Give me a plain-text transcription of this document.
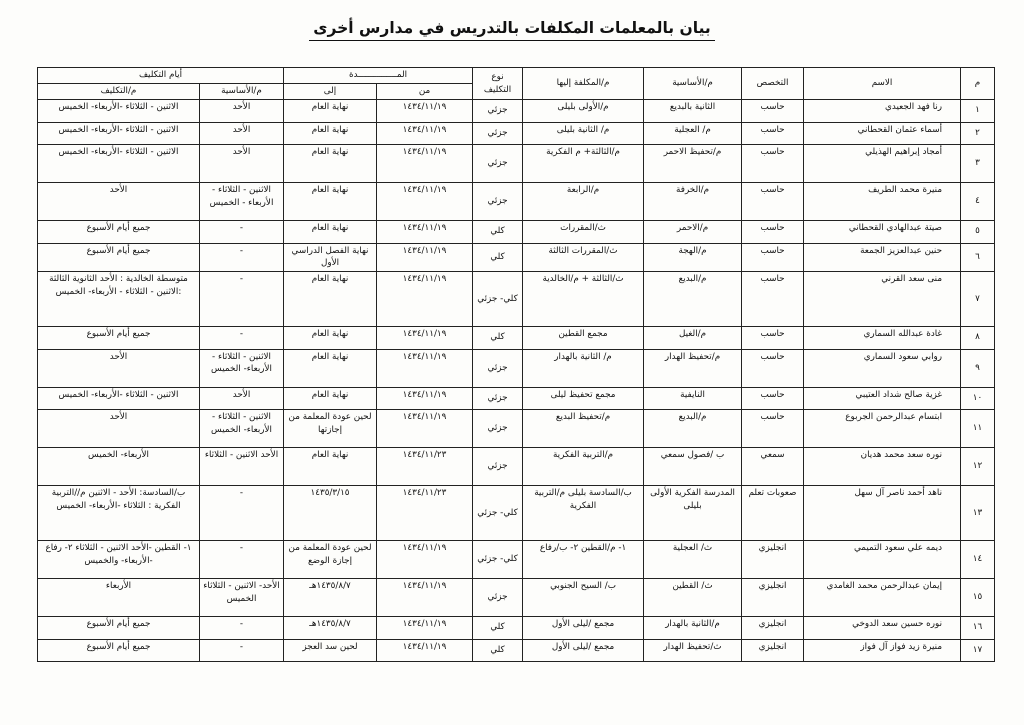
بيان بالمعلمات المكلفات بالتدريس في مدارس أخرى
م	الاسم	التخصص	م/الأساسية	م/المكلفة إليها	نوع
التكليف	المـــــــــــــــدة		أيام التكليف	
						من	إلى	م/الأساسية	م/التكليف
١	رنا فهد الجعيدي	حاسب	الثانية بالبديع	م/الأولى بليلى	جزئي	١٤٣٤/١١/١٩	نهاية العام	الأحد	الاثنين - الثلاثاء -الأربعاء- الخميس
٢	أسماء عثمان القحطاني	حاسب	م/ العجلية	م/ الثانية بليلى	جزئي	١٤٣٤/١١/١٩	نهاية العام	الأحد	الاثنين - الثلاثاء -الأربعاء- الخميس
٣	أمجاد إبراهيم الهذيلي	حاسب	م/تحفيظ الاحمر	م/الثالثة+ م الفكرية	جزئي	١٤٣٤/١١/١٩	نهاية العام	الأحد	الاثنين - الثلاثاء -الأربعاء- الخميس
٤	منيرة محمد الطريف	حاسب	م/الخرفة	م/الرابعة	جزئي	١٤٣٤/١١/١٩	نهاية العام	الاثنين - الثلاثاء - الأربعاء - الخميس	الأحد
٥	صيتة عبدالهادي القحطاني	حاسب	م/الاحمر	ث/المقررات	كلي	١٤٣٤/١١/١٩	نهاية العام	-	جميع أيام الأسبوع
٦	حنين عبدالعزيز الجمعة	حاسب	م/الهجة	ث/المقررات الثالثة	كلي	١٤٣٤/١١/١٩	نهاية الفصل الدراسي الأول	-	جميع أيام الأسبوع
٧	منى سعد القرني	حاسب	م/البديع	ث/الثالثة + م/الخالدية	كلي- جزئي	١٤٣٤/١١/١٩	نهاية العام	-	متوسطة الخالدية : الأحد الثانوية الثالثة :الاثنين - الثلاثاء - الأربعاء- الخميس
٨	غادة عبدالله السماري	حاسب	م/الغيل	مجمع القطين	كلي	١٤٣٤/١١/١٩	نهاية العام	-	جميع أيام الأسبوع
٩	روابي سعود السماري	حاسب	م/تحفيظ الهدار	م/ الثانية بالهدار	جزئي	١٤٣٤/١١/١٩	نهاية العام	الاثنين - الثلاثاء - الأربعاء- الخميس	الأحد
١٠	غزية صالح شداد العتيبي	حاسب	النايفية	مجمع تحفيظ ليلى	جزئي	١٤٣٤/١١/١٩	نهاية العام	الأحد	الاثنين - الثلاثاء -الأربعاء- الخميس
١١	ابتسام عبدالرحمن الجربوع	حاسب	م/البديع	م/تحفيظ البديع	جزئي	١٤٣٤/١١/١٩	لحين عودة المعلمة من إجازتها	الاثنين - الثلاثاء - الأربعاء- الخميس	الأحد
١٢	نوره سعد محمد هديان	سمعي	ب /فصول سمعي	م/التربية الفكرية	جزئي	١٤٣٤/١١/٢٣	نهاية العام	الأحد الاثنين - الثلاثاء	الأربعاء- الخميس
١٣	ناهد أحمد ناصر آل سهل	صعوبات تعلم	المدرسة الفكرية الأولى بليلى	ب/السادسة بليلى م/التربية الفكرية	كلي- جزئي	١٤٣٤/١١/٢٣	١٤٣٥/٣/١٥	-	ب/السادسة: الأحد - الاثنين م//التربية الفكرية : الثلاثاء -الأربعاء- الخميس
١٤	ديمه علي سعود التميمي	انجليزي	ث/ العجلية	١- م/القطين ٢- ب/رفاع	كلي- جزئي	١٤٣٤/١١/١٩	لحين عودة المعلمة من إجازة الوضع	-	١- القطين -الأحد الاثنين - الثلاثاء ٢- رفاع -الأربعاء- والخميس
١٥	إيمان عبدالرحمن محمد الغامدي	انجليزي	ث/ القطين	ب/ السيح الجنوبي	جزئي	١٤٣٤/١١/١٩	١٤٣٥/٨/٧هـ	الأحد- الاثنين - الثلاثاء الخميس	الأربعاء
١٦	نوره حسين سعد الدوخي	انجليزي	م/الثانية بالهدار	مجمع /ليلى الأول	كلي	١٤٣٤/١١/١٩	١٤٣٥/٨/٧هـ	-	جميع أيام الأسبوع
١٧	منيرة زيد فواز آل فواز	انجليزي	ث/تحفيظ الهدار	مجمع /ليلى الأول	كلي	١٤٣٤/١١/١٩	لحين سد العجز	-	جميع أيام الأسبوع
